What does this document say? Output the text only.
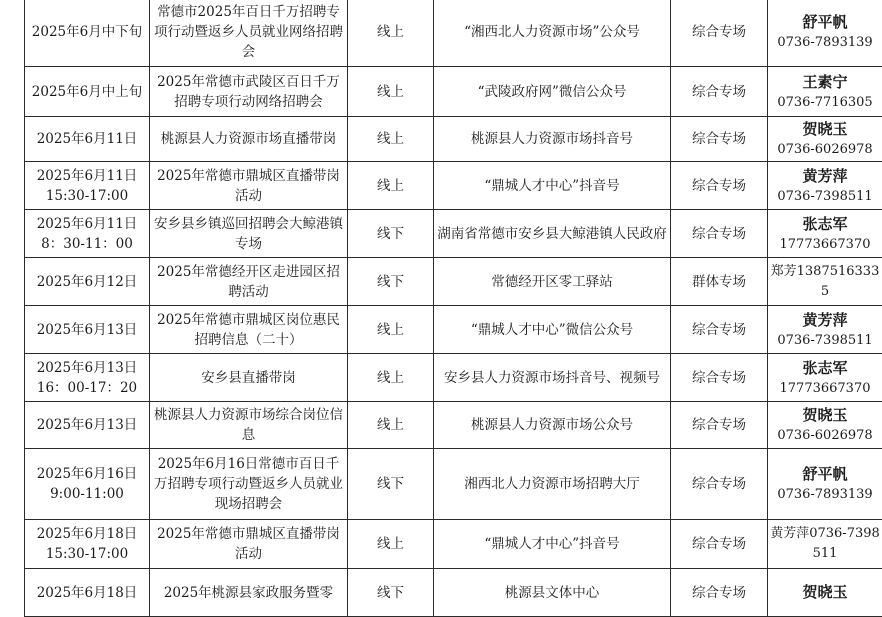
2025年6月中下旬	常德市2025年百日千万招聘专项行动暨返乡人员就业网络招聘会	线上	“湘西北人力资源市场”公众号	综合专场	舒平帆
0736-7893139

2025年6月中上旬	2025年常德市武陵区百日千万招聘专项行动网络招聘会	线上	“武陵政府网”微信公众号	综合专场	王素宁
0736-7716305

2025年6月11日	桃源县人力资源市场直播带岗	线上	桃源县人力资源市场抖音号	综合专场	贺晓玉
0736-6026978

2025年6月11日
15:30-17:00	2025年常德市鼎城区直播带岗活动	线上	“鼎城人才中心”抖音号	综合专场	黄芳萍
0736-7398511

2025年6月11日
8：30-11：00	安乡县乡镇巡回招聘会大鲸港镇专场	线下	湖南省常德市安乡县大鲸港镇人民政府	综合专场	张志军
17773667370

2025年6月12日	2025年常德经开区走进园区招聘活动	线下	常德经开区零工驿站	群体专场	郑芳13875163335

2025年6月13日	2025年常德市鼎城区岗位惠民招聘信息（二十）	线上	“鼎城人才中心”微信公众号	综合专场	黄芳萍
0736-7398511

2025年6月13日
16：00-17：20	安乡县直播带岗	线上	安乡县人力资源市场抖音号、视频号	综合专场	张志军
17773667370

2025年6月13日	桃源县人力资源市场综合岗位信息	线上	桃源县人力资源市场公众号	综合专场	贺晓玉
0736-6026978

2025年6月16日
9:00-11:00	2025年6月16日常德市百日千万招聘专项行动暨返乡人员就业现场招聘会	线下	湘西北人力资源市场招聘大厅	综合专场	舒平帆
0736-7893139

2025年6月18日
15:30-17:00	2025年常德市鼎城区直播带岗活动	线上	“鼎城人才中心”抖音号	综合专场	黄芳萍0736-7398511

2025年6月18日	2025年桃源县家政服务暨零	线下	桃源县文体中心	综合专场	贺晓玉
